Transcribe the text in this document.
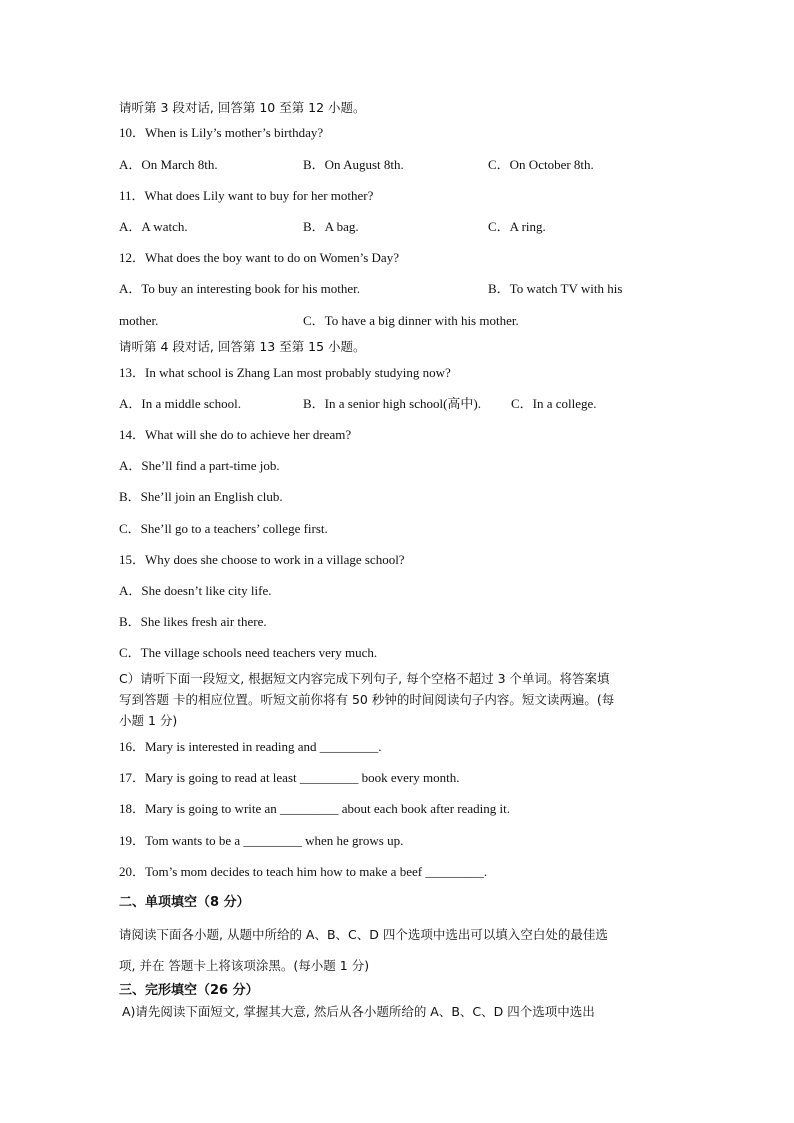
请听第 3 段对话, 回答第 10 至第 12 小题。
10．When is Lily’s mother’s birthday?
A．On March 8th.	B．On August 8th.	C．On October 8th.
11．What does Lily want to buy for her mother?
A．A watch.	B．A bag.	C．A ring.
12．What does the boy want to do on Women’s Day?
A．To buy an interesting book for his mother.	B．To watch TV with his
mother.	C．To have a big dinner with his mother.
请听第 4 段对话, 回答第 13 至第 15 小题。
13．In what school is Zhang Lan most probably studying now?
A．In a middle school.	B．In a senior high school(高中). C．In a college.
14．What will she do to achieve her dream?
A．She’ll find a part-time job.
B．She’ll join an English club.
C．She’ll go to a teachers’ college first.
15．Why does she choose to work in a village school?
A．She doesn’t like city life.
B．She likes fresh air there.
C．The village schools need teachers very much.
C）请听下面一段短文, 根据短文内容完成下列句子, 每个空格不超过 3 个单词。将答案填
写到答题 卡的相应位置。听短文前你将有 50 秒钟的时间阅读句子内容。短文读两遍。(每
小题 1 分)
16．Mary is interested in reading and _________.
17．Mary is going to read at least _________ book every month.
18．Mary is going to write an _________ about each book after reading it.
19．Tom wants to be a _________ when he grows up.
20．Tom’s mom decides to teach him how to make a beef _________.
二、单项填空（8 分）
请阅读下面各小题, 从题中所给的 A、B、C、D 四个选项中选出可以填入空白处的最佳选
项, 并在 答题卡上将该项涂黑。(每小题 1 分)
三、完形填空（26 分）
A)请先阅读下面短文, 掌握其大意, 然后从各小题所给的 A、B、C、D 四个选项中选出
